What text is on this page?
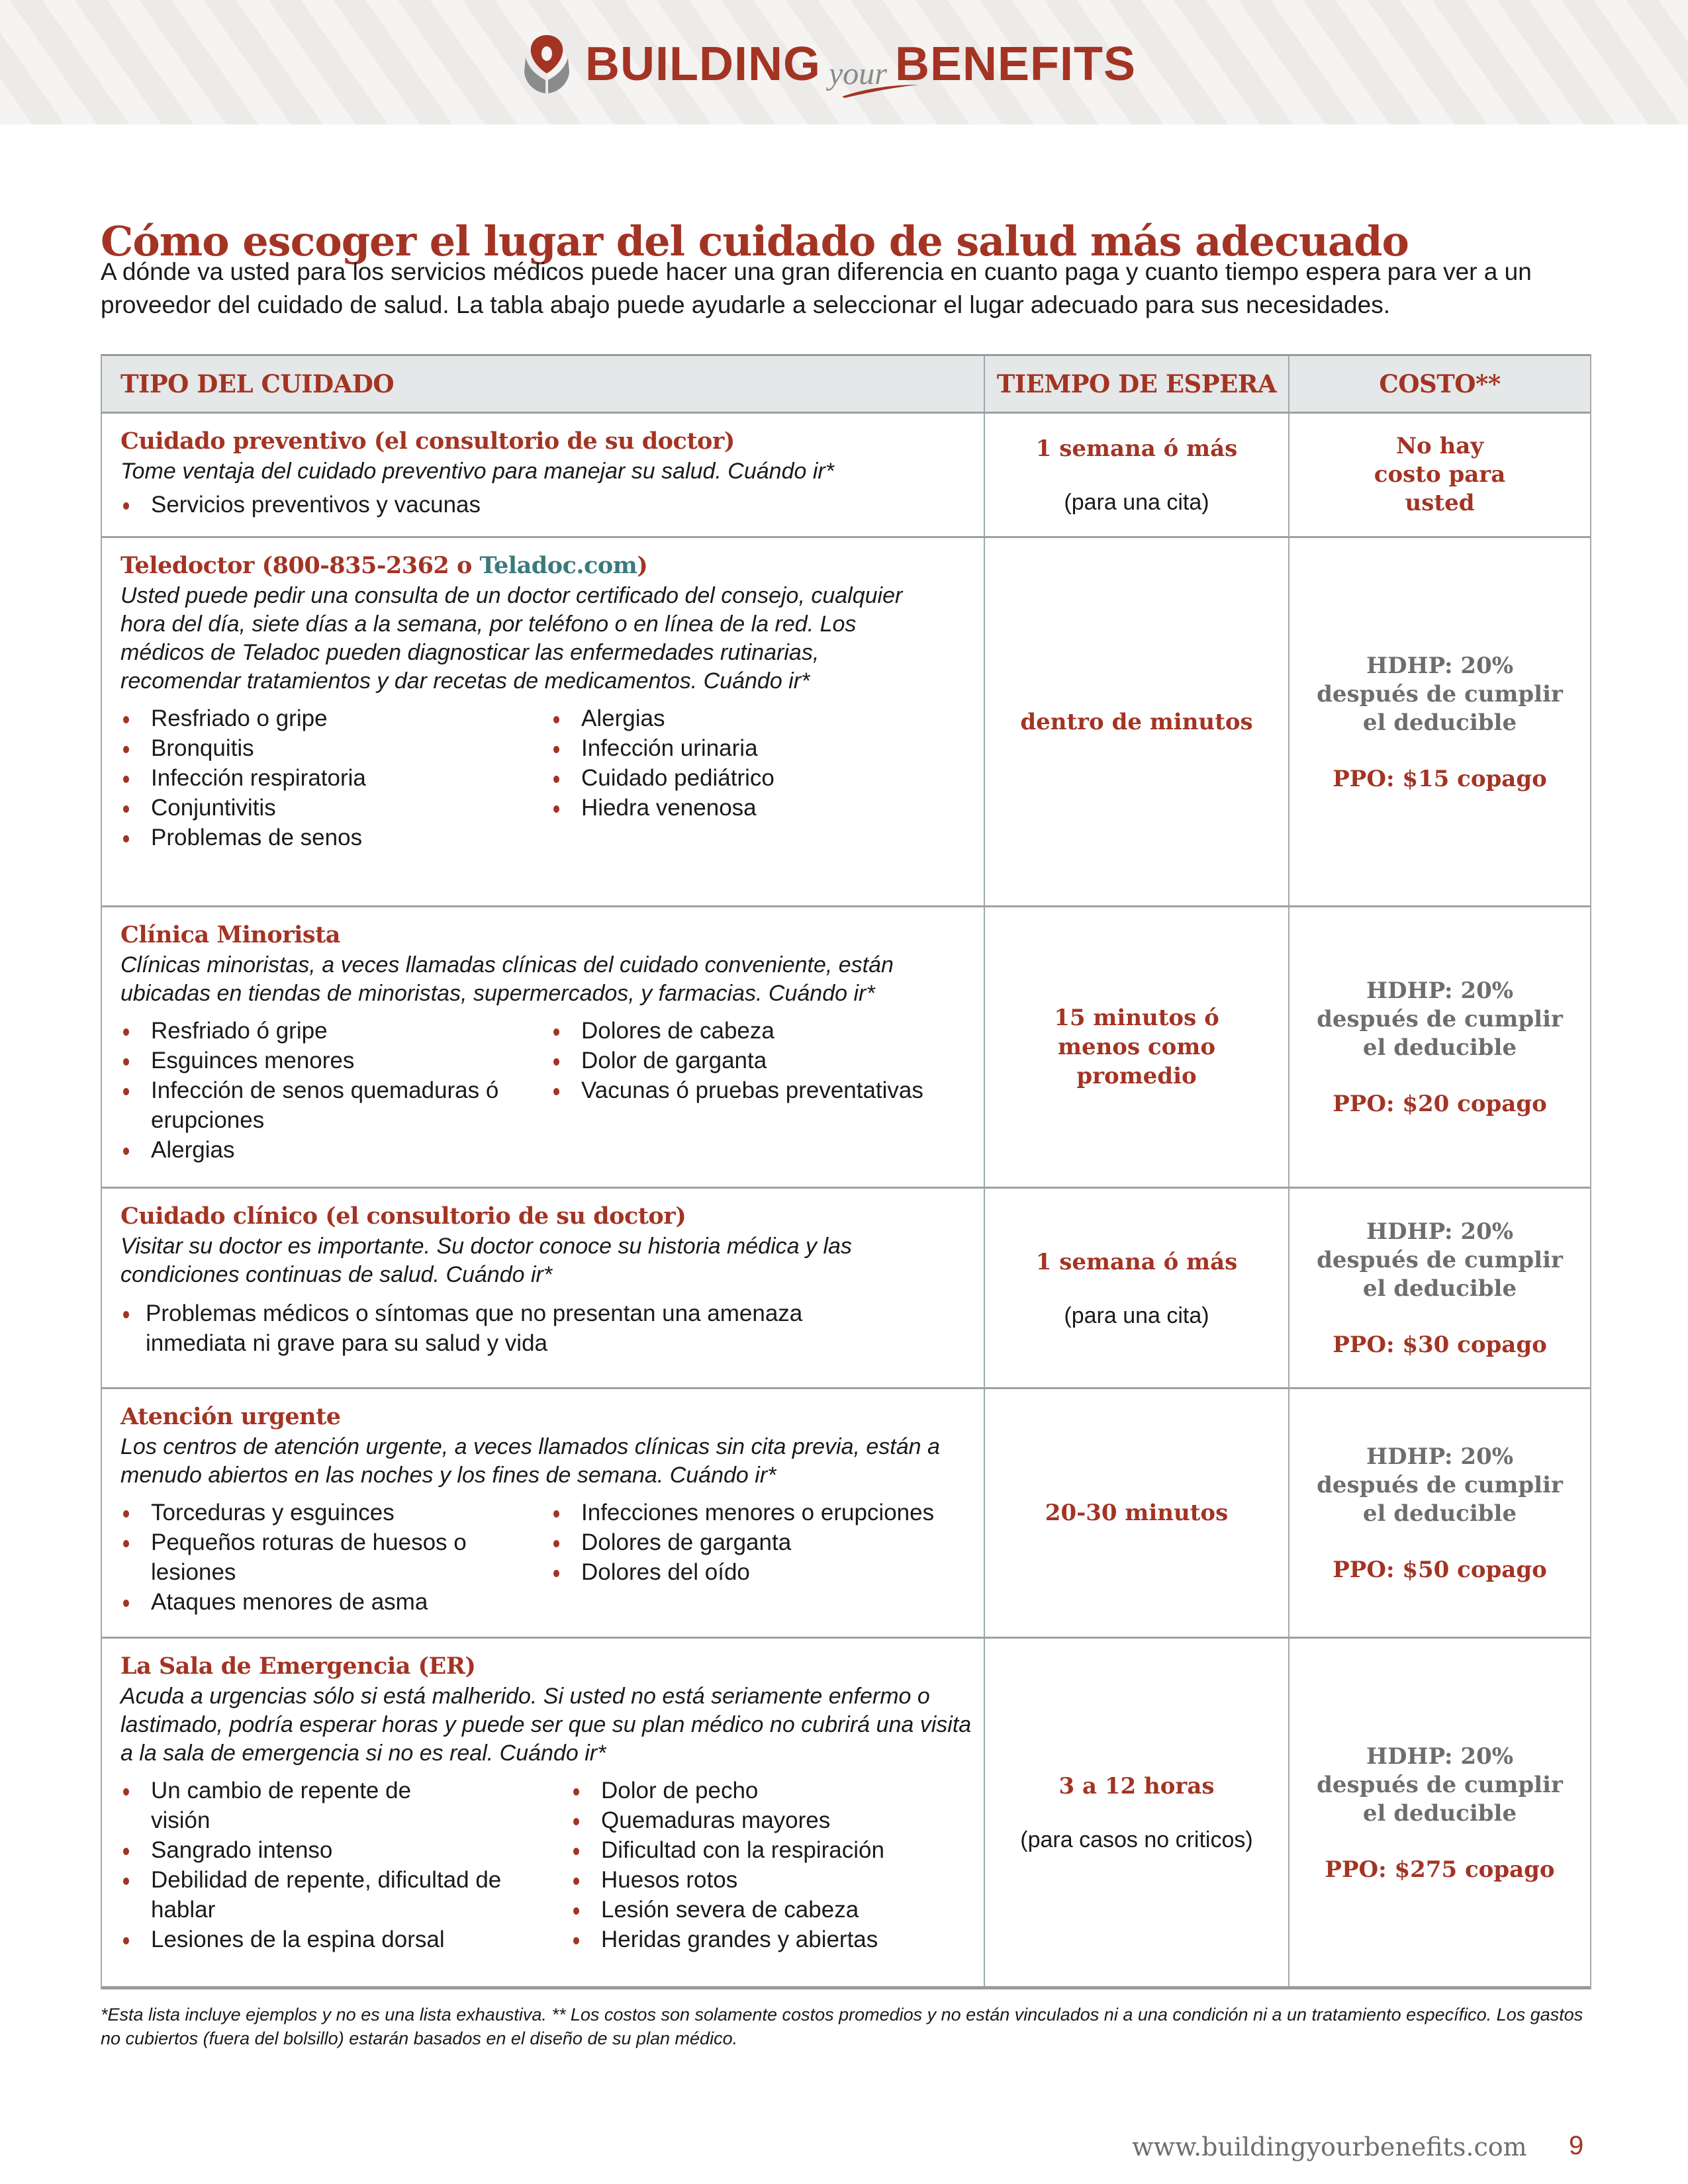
BUILDING your BENEFITS
Cómo escoger el lugar del cuidado de salud más adecuado

A dónde va usted para los servicios médicos puede hacer una gran diferencia en cuanto paga y cuanto tiempo espera para ver a un proveedor del cuidado de salud. La tabla abajo puede ayudarle a seleccionar el lugar adecuado para sus necesidades.

TIPO DEL CUIDADO	TIEMPO DE ESPERA	COSTO**
Cuidado preventivo (el consultorio de su doctor)
Tome ventaja del cuidado preventivo para manejar su salud. Cuándo ir*
Servicios preventivos y vacunas
1 semana ó más
(para una cita)
No hay costo para usted
Teledoctor (800-835-2362 o Teladoc.com)
Usted puede pedir una consulta de un doctor certificado del consejo, cualquier hora del día, siete días a la semana, por teléfono o en línea de la red. Los médicos de Teladoc pueden diagnosticar las enfermedades rutinarias, recomendar tratamientos y dar recetas de medicamentos. Cuándo ir*
Resfriado o gripe
Bronquitis
Infección respiratoria
Conjuntivitis
Problemas de senos
Alergias
Infección urinaria
Cuidado pediátrico
Hiedra venenosa
dentro de minutos
HDHP: 20% después de cumplir el deducible
PPO: $15 copago
Clínica Minorista
Clínicas minoristas, a veces llamadas clínicas del cuidado conveniente, están ubicadas en tiendas de minoristas, supermercados, y farmacias. Cuándo ir*
Resfriado ó gripe
Esguinces menores
Infección de senos quemaduras ó erupciones
Alergias
Dolores de cabeza
Dolor de garganta
Vacunas ó pruebas preventativas
15 minutos ó menos como promedio
HDHP: 20% después de cumplir el deducible
PPO: $20 copago
Cuidado clínico (el consultorio de su doctor)
Visitar su doctor es importante. Su doctor conoce su historia médica y las condiciones continuas de salud. Cuándo ir*
Problemas médicos o síntomas que no presentan una amenaza inmediata ni grave para su salud y vida
1 semana ó más
(para una cita)
HDHP: 20% después de cumplir el deducible
PPO: $30 copago
Atención urgente
Los centros de atención urgente, a veces llamados clínicas sin cita previa, están a menudo abiertos en las noches y los fines de semana. Cuándo ir*
Torceduras y esguinces
Pequeños roturas de huesos o lesiones
Ataques menores de asma
Infecciones menores o erupciones
Dolores de garganta
Dolores del oído
20-30 minutos
HDHP: 20% después de cumplir el deducible
PPO: $50 copago
La Sala de Emergencia (ER)
Acuda a urgencias sólo si está malherido. Si usted no está seriamente enfermo o lastimado, podría esperar horas y puede ser que su plan médico no cubrirá una visita a la sala de emergencia si no es real. Cuándo ir*
Un cambio de repente de visión
Sangrado intenso
Debilidad de repente, dificultad de hablar
Lesiones de la espina dorsal
Dolor de pecho
Quemaduras mayores
Dificultad con la respiración
Huesos rotos
Lesión severa de cabeza
Heridas grandes y abiertas
3 a 12 horas
(para casos no criticos)
HDHP: 20% después de cumplir el deducible
PPO: $275 copago

*Esta lista incluye ejemplos y no es una lista exhaustiva. ** Los costos son solamente costos promedios y no están vinculados ni a una condición ni a un tratamiento específico. Los gastos no cubiertos (fuera del bolsillo) estarán basados en el diseño de su plan médico.

www.buildingyourbenefits.com 9
